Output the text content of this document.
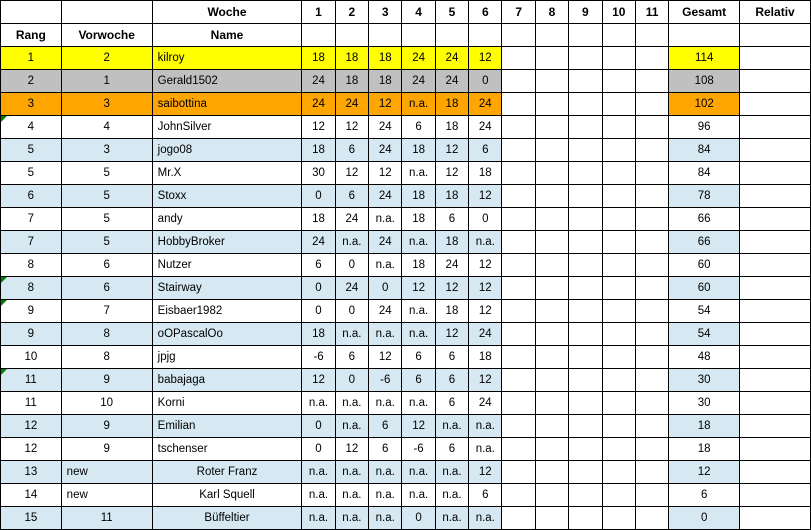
		Woche	1	2	3	4	5	6	7	8	9	10	11	Gesamt	Relativ
Rang	Vorwoche	Name													
1	2	kilroy	18	18	18	24	24	12						114	
2	1	Gerald1502	24	18	18	24	24	0						108	
3	3	saibottina	24	24	12	n.a.	18	24						102	
4	4	JohnSilver	12	12	24	6	18	24						96	
5	3	jogo08	18	6	24	18	12	6						84	
5	5	Mr.X	30	12	12	n.a.	12	18						84	
6	5	Stoxx	0	6	24	18	18	12						78	
7	5	andy	18	24	n.a.	18	6	0						66	
7	5	HobbyBroker	24	n.a.	24	n.a.	18	n.a.						66	
8	6	Nutzer	6	0	n.a.	18	24	12						60	
8	6	Stairway	0	24	0	12	12	12						60	
9	7	Eisbaer1982	0	0	24	n.a.	18	12						54	
9	8	oOPascalOo	18	n.a.	n.a.	n.a.	12	24						54	
10	8	jpjg	-6	6	12	6	6	18						48	
11	9	babajaga	12	0	-6	6	6	12						30	
11	10	Korni	n.a.	n.a.	n.a.	n.a.	6	24						30	
12	9	Emilian	0	n.a.	6	12	n.a.	n.a.						18	
12	9	tschenser	0	12	6	-6	6	n.a.						18	
13	new	Roter Franz	n.a.	n.a.	n.a.	n.a.	n.a.	12						12	
14	new	Karl Squell	n.a.	n.a.	n.a.	n.a.	n.a.	6						6	
15	11	Büffeltier	n.a.	n.a.	n.a.	0	n.a.	n.a.						0	
